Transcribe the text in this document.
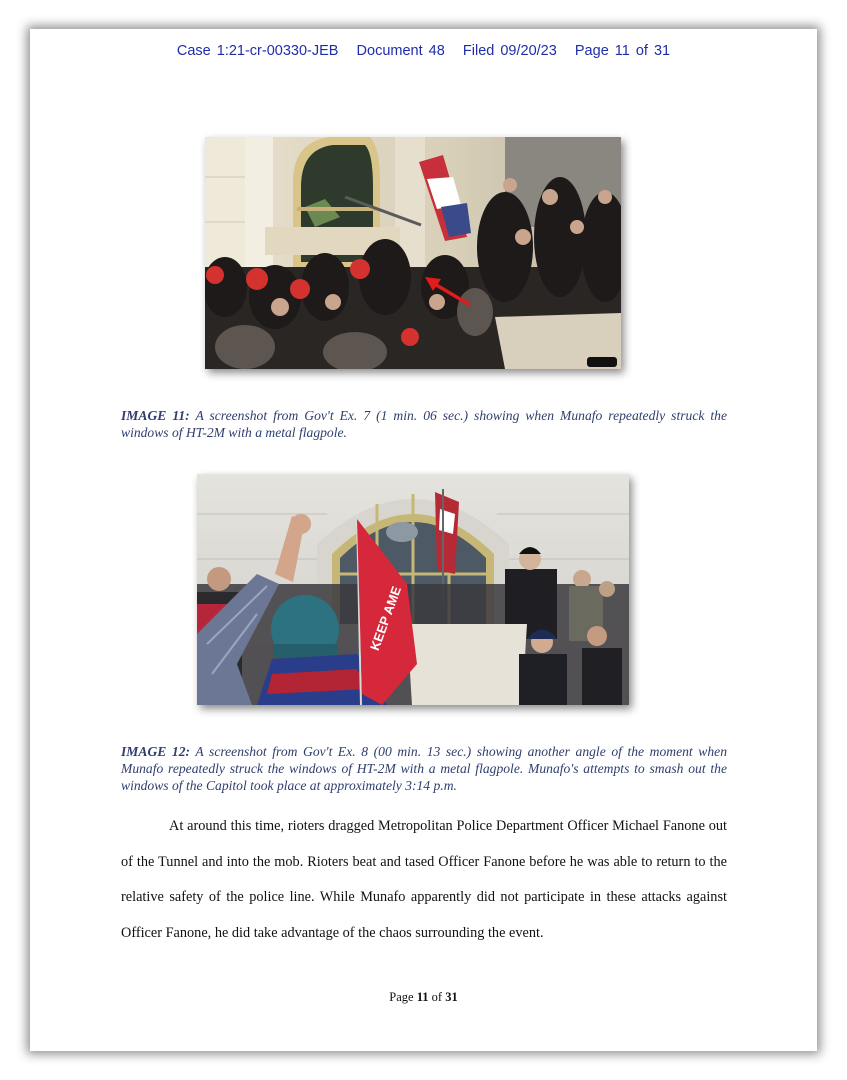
Case 1:21-cr-00330-JEB Document 48 Filed 09/20/23 Page 11 of 31
IMAGE 11: A screenshot from Gov't Ex. 7 (1 min. 06 sec.) showing when Munafo repeatedly struck the windows of HT-2M with a metal flagpole.
KEEP AME
IMAGE 12: A screenshot from Gov't Ex. 8 (00 min. 13 sec.) showing another angle of the moment when Munafo repeatedly struck the windows of HT-2M with a metal flagpole. Munafo's attempts to smash out the windows of the Capitol took place at approximately 3:14 p.m.

At around this time, rioters dragged Metropolitan Police Department Officer Michael Fanone out of the Tunnel and into the mob. Rioters beat and tased Officer Fanone before he was able to return to the relative safety of the police line. While Munafo apparently did not participate in these attacks against Officer Fanone, he did take advantage of the chaos surrounding the event.

Page 11 of 31
